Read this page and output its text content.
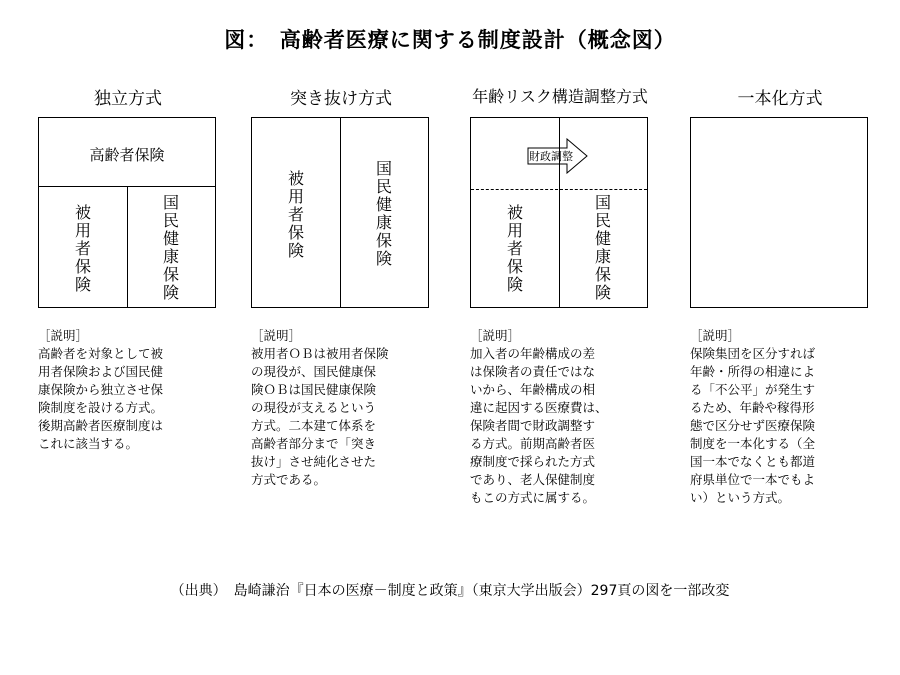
図：　高齢者医療に関する制度設計（概念図）
独立方式
高齢者保険
被用者保険
国民健康保険
［説明］
高齢者を対象として被
用者保険および国民健
康保険から独立させ保
険制度を設ける方式。
後期高齢者医療制度は
これに該当する。
突き抜け方式
被用者保険
国民健康保険
［説明］
被用者ＯＢは被用者保険
の現役が、国民健康保
険ＯＢは国民健康保険
の現役が支えるという
方式。二本建て体系を
高齢者部分まで「突き
抜け」させ純化させた
方式である。
年齢リスク構造調整方式
財政調整
被用者保険
国民健康保険
［説明］
加入者の年齢構成の差
は保険者の責任ではな
いから、年齢構成の相
違に起因する医療費は、
保険者間で財政調整す
る方式。前期高齢者医
療制度で採られた方式
であり、老人保健制度
もこの方式に属する。
一本化方式
［説明］
保険集団を区分すれば
年齢・所得の相違によ
る「不公平」が発生す
るため、年齢や稼得形
態で区分せず医療保険
制度を一本化する（全
国一本でなくとも都道
府県単位で一本でもよ
い）という方式。
（出典）　島崎謙治『日本の医療－制度と政策』（東京大学出版会）297頁の図を一部改変
